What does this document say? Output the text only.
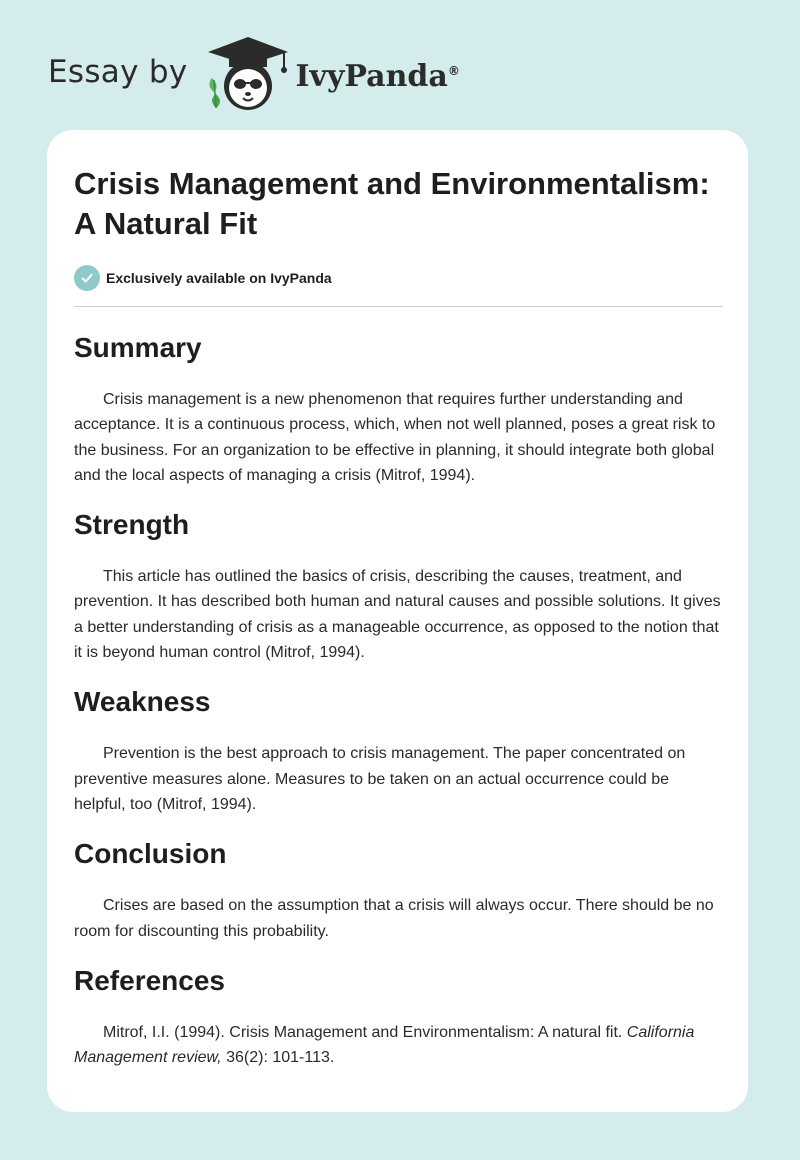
Essay by	IvyPanda®
Crisis Management and Environmentalism: A Natural Fit
Exclusively available on IvyPanda
Summary

Crisis management is a new phenomenon that requires further understanding and acceptance. It is a continuous process, which, when not well planned, poses a great risk to the business. For an organization to be effective in planning, it should integrate both global and the local aspects of managing a crisis (Mitrof, 1994).

Strength

This article has outlined the basics of crisis, describing the causes, treatment, and prevention. It has described both human and natural causes and possible solutions. It gives a better understanding of crisis as a manageable occurrence, as opposed to the notion that it is beyond human control (Mitrof, 1994).

Weakness

Prevention is the best approach to crisis management. The paper concentrated on preventive measures alone. Measures to be taken on an actual occurrence could be helpful, too (Mitrof, 1994).

Conclusion

Crises are based on the assumption that a crisis will always occur. There should be no room for discounting this probability.

References

Mitrof, I.I. (1994). Crisis Management and Environmentalism: A natural fit. California Management review, 36(2): 101-113.
